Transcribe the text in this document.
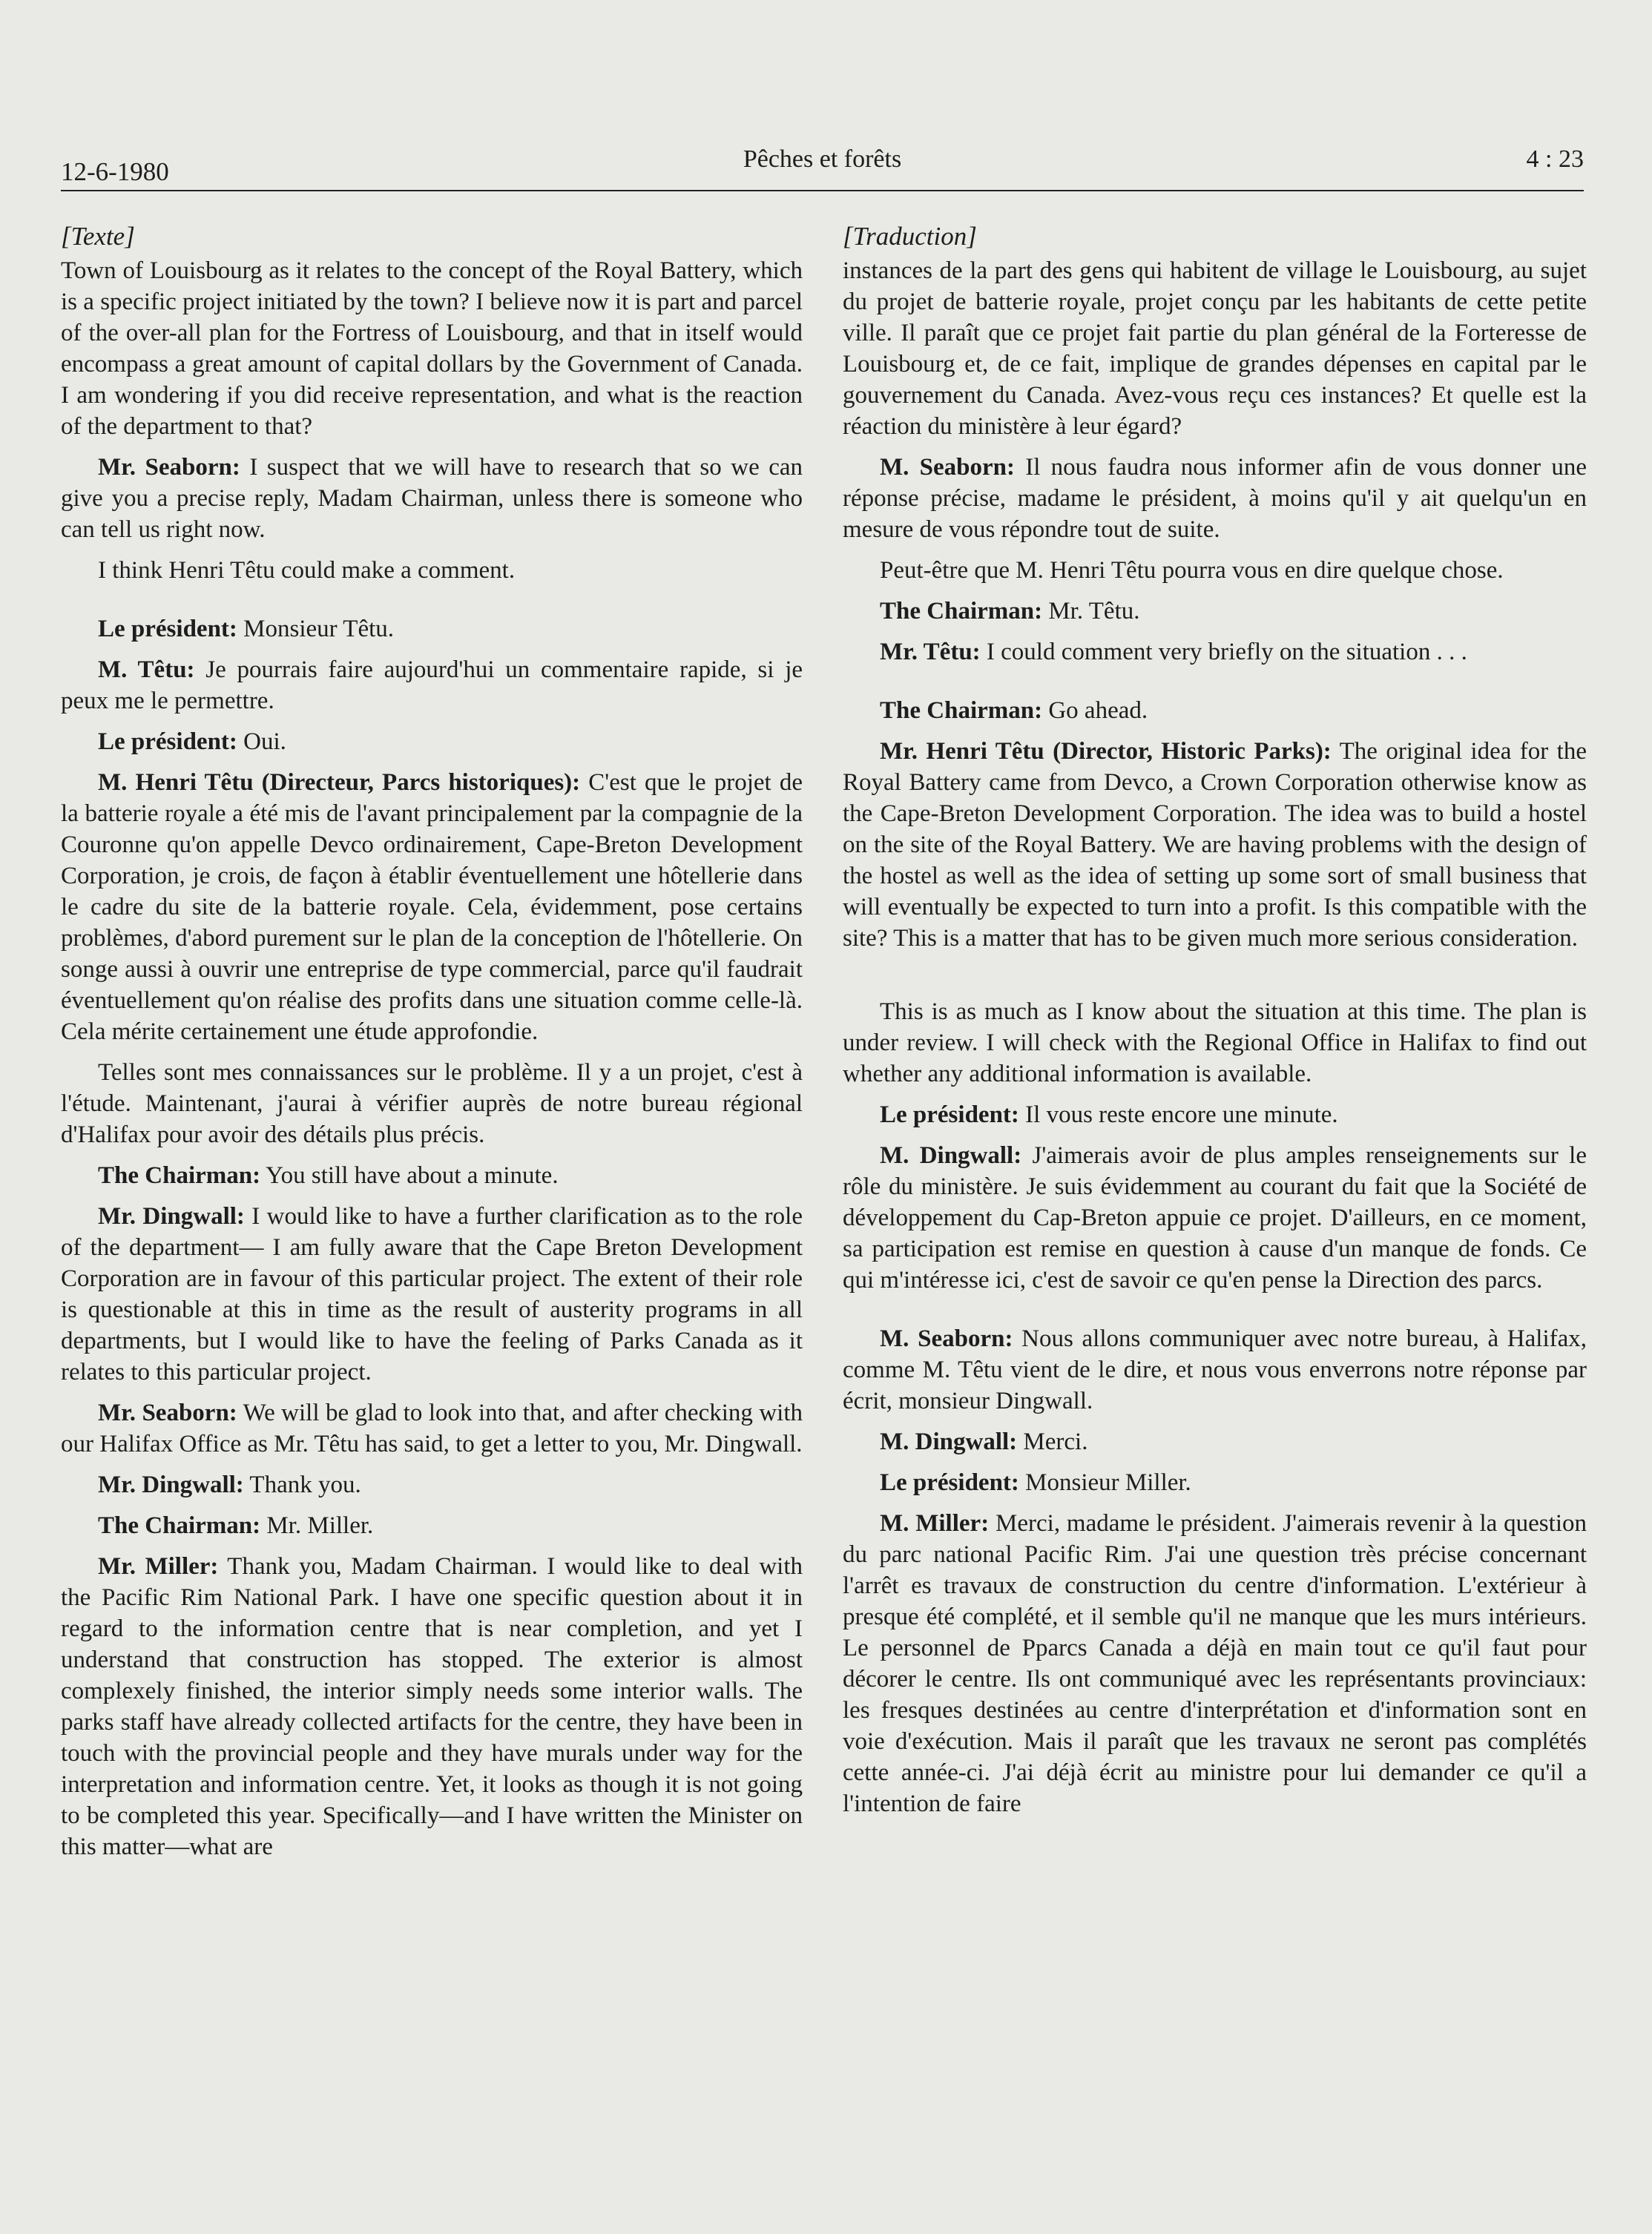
12-6-1980	Pêches et forêts	4 : 23

[Texte]

Town of Louisbourg as it relates to the concept of the Royal Battery, which is a specific project initiated by the town? I believe now it is part and parcel of the over-all plan for the Fortress of Louisbourg, and that in itself would encompass a great amount of capital dollars by the Government of Canada. I am wondering if you did receive representation, and what is the reaction of the department to that?

Mr. Seaborn: I suspect that we will have to research that so we can give you a precise reply, Madam Chairman, unless there is someone who can tell us right now.

I think Henri Têtu could make a comment.

Le président: Monsieur Têtu.

M. Têtu: Je pourrais faire aujourd'hui un commentaire rapide, si je peux me le permettre.

Le président: Oui.

M. Henri Têtu (Directeur, Parcs historiques): C'est que le projet de la batterie royale a été mis de l'avant principalement par la compagnie de la Couronne qu'on appelle Devco ordinairement, Cape-Breton Development Corporation, je crois, de façon à établir éventuellement une hôtellerie dans le cadre du site de la batterie royale. Cela, évidemment, pose certains problèmes, d'abord purement sur le plan de la conception de l'hôtellerie. On songe aussi à ouvrir une entreprise de type commercial, parce qu'il faudrait éventuellement qu'on réalise des profits dans une situation comme celle-là. Cela mérite certainement une étude approfondie.

Telles sont mes connaissances sur le problème. Il y a un projet, c'est à l'étude. Maintenant, j'aurai à vérifier auprès de notre bureau régional d'Halifax pour avoir des détails plus précis.

The Chairman: You still have about a minute.

Mr. Dingwall: I would like to have a further clarification as to the role of the department— I am fully aware that the Cape Breton Development Corporation are in favour of this particular project. The extent of their role is questionable at this in time as the result of austerity programs in all departments, but I would like to have the feeling of Parks Canada as it relates to this particular project.

Mr. Seaborn: We will be glad to look into that, and after checking with our Halifax Office as Mr. Têtu has said, to get a letter to you, Mr. Dingwall.

Mr. Dingwall: Thank you.

The Chairman: Mr. Miller.

Mr. Miller: Thank you, Madam Chairman. I would like to deal with the Pacific Rim National Park. I have one specific question about it in regard to the information centre that is near completion, and yet I understand that construction has stopped. The exterior is almost complexely finished, the interior simply needs some interior walls. The parks staff have already collected artifacts for the centre, they have been in touch with the provincial people and they have murals under way for the interpretation and information centre. Yet, it looks as though it is not going to be completed this year. Specifically—and I have written the Minister on this matter—what are

[Traduction]

instances de la part des gens qui habitent de village le Louisbourg, au sujet du projet de batterie royale, projet conçu par les habitants de cette petite ville. Il paraît que ce projet fait partie du plan général de la Forteresse de Louisbourg et, de ce fait, implique de grandes dépenses en capital par le gouvernement du Canada. Avez-vous reçu ces instances? Et quelle est la réaction du ministère à leur égard?

M. Seaborn: Il nous faudra nous informer afin de vous donner une réponse précise, madame le président, à moins qu'il y ait quelqu'un en mesure de vous répondre tout de suite.

Peut-être que M. Henri Têtu pourra vous en dire quelque chose.

The Chairman: Mr. Têtu.

Mr. Têtu: I could comment very briefly on the situation . . .

The Chairman: Go ahead.

Mr. Henri Têtu (Director, Historic Parks): The original idea for the Royal Battery came from Devco, a Crown Corporation otherwise know as the Cape-Breton Development Corporation. The idea was to build a hostel on the site of the Royal Battery. We are having problems with the design of the hostel as well as the idea of setting up some sort of small business that will eventually be expected to turn into a profit. Is this compatible with the site? This is a matter that has to be given much more serious consideration.

This is as much as I know about the situation at this time. The plan is under review. I will check with the Regional Office in Halifax to find out whether any additional information is available.

Le président: Il vous reste encore une minute.

M. Dingwall: J'aimerais avoir de plus amples renseignements sur le rôle du ministère. Je suis évidemment au courant du fait que la Société de développement du Cap-Breton appuie ce projet. D'ailleurs, en ce moment, sa participation est remise en question à cause d'un manque de fonds. Ce qui m'intéresse ici, c'est de savoir ce qu'en pense la Direction des parcs.

M. Seaborn: Nous allons communiquer avec notre bureau, à Halifax, comme M. Têtu vient de le dire, et nous vous enverrons notre réponse par écrit, monsieur Dingwall.

M. Dingwall: Merci.

Le président: Monsieur Miller.

M. Miller: Merci, madame le président. J'aimerais revenir à la question du parc national Pacific Rim. J'ai une question très précise concernant l'arrêt es travaux de construction du centre d'information. L'extérieur à presque été complété, et il semble qu'il ne manque que les murs intérieurs. Le personnel de Pparcs Canada a déjà en main tout ce qu'il faut pour décorer le centre. Ils ont communiqué avec les représentants provinciaux: les fresques destinées au centre d'interprétation et d'information sont en voie d'exécution. Mais il paraît que les travaux ne seront pas complétés cette année-ci. J'ai déjà écrit au ministre pour lui demander ce qu'il a l'intention de faire
